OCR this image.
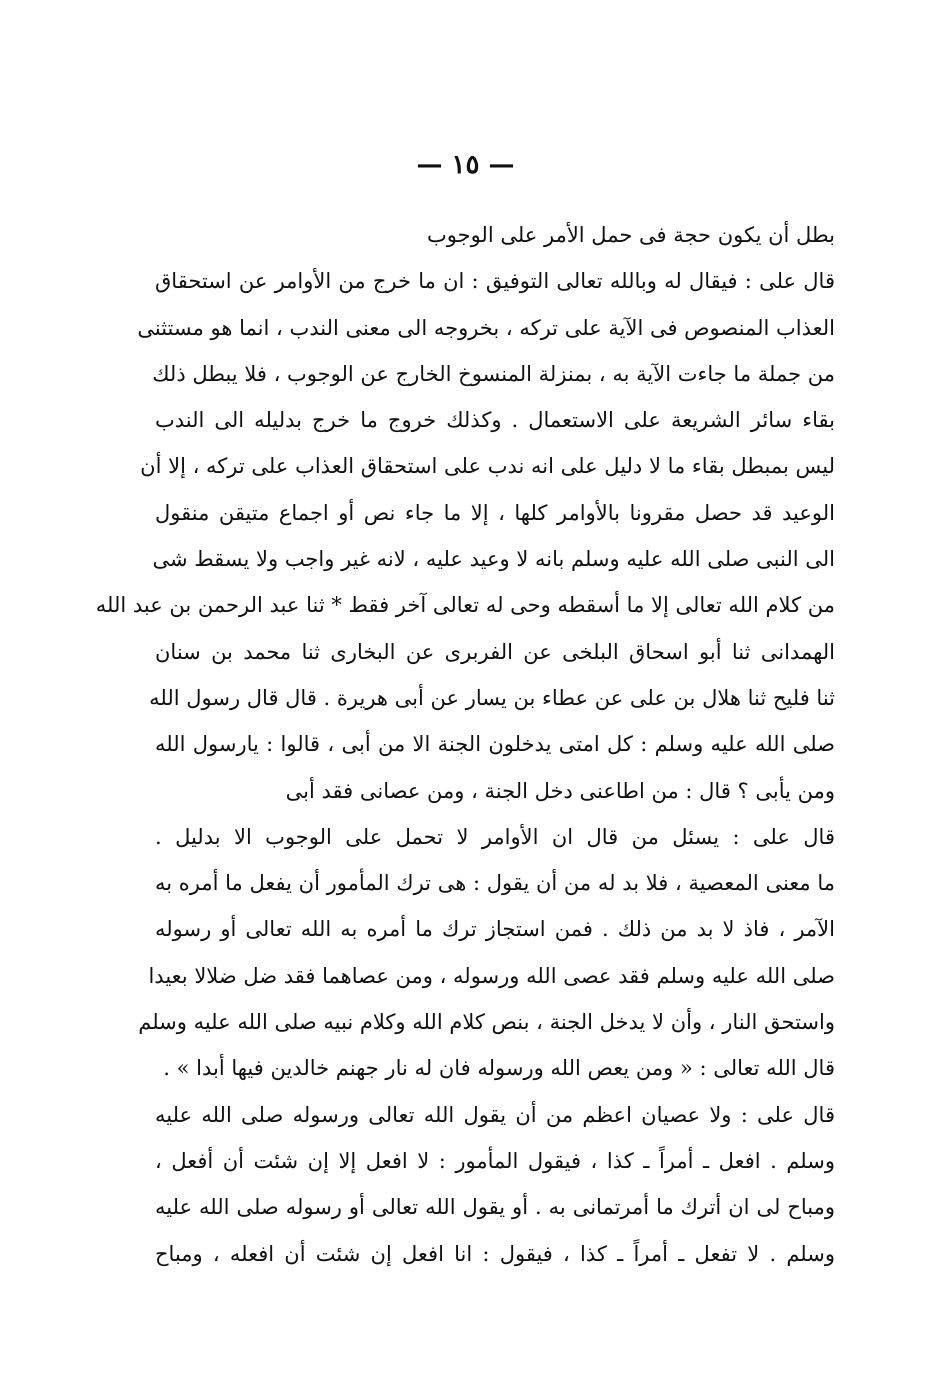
— ١٥ —
بطل أن يكون حجة فى حمل الأمر على الوجوب
قال على : فيقال له وبالله تعالى التوفيق : ان ما خرج من الأوامر عن استحقاق
العذاب المنصوص فى الآية على تركه ، بخروجه الى معنى الندب ، انما هو مستثنى
من جملة ما جاءت الآية به ، بمنزلة المنسوخ الخارج عن الوجوب ، فلا يبطل ذلك
بقاء سائر الشريعة على الاستعمال . وكذلك خروج ما خرج بدليله الى الندب
ليس بمبطل بقاء ما لا دليل على انه ندب على استحقاق العذاب على تركه ، إلا أن
الوعيد قد حصل مقرونا بالأوامر كلها ، إلا ما جاء نص أو اجماع متيقن منقول
الى النبى صلى الله عليه وسلم بانه لا وعيد عليه ، لانه غير واجب ولا يسقط شى
من كلام الله تعالى إلا ما أسقطه وحى له تعالى آخر فقط * ثنا عبد الرحمن بن عبد الله
الهمدانى ثنا أبو اسحاق البلخى عن الفربرى عن البخارى ثنا محمد بن سنان
ثنا فليح ثنا هلال بن على عن عطاء بن يسار عن أبى هريرة . قال قال رسول الله
صلى الله عليه وسلم : كل امتى يدخلون الجنة الا من أبى ، قالوا : يارسول الله
ومن يأبى ؟ قال : من اطاعنى دخل الجنة ، ومن عصانى فقد أبى
قال على : يسئل من قال ان الأوامر لا تحمل على الوجوب الا بدليل .
ما معنى المعصية ، فلا بد له من أن يقول : هى ترك المأمور أن يفعل ما أمره به
الآمر ، فاذ لا بد من ذلك . فمن استجاز ترك ما أمره به الله تعالى أو رسوله
صلى الله عليه وسلم فقد عصى الله ورسوله ، ومن عصاهما فقد ضل ضلالا بعيدا
واستحق النار ، وأن لا يدخل الجنة ، بنص كلام الله وكلام نبيه صلى الله عليه وسلم
قال الله تعالى : « ومن يعص الله ورسوله فان له نار جهنم خالدين فيها أبدا » .
قال على : ولا عصيان اعظم من أن يقول الله تعالى ورسوله صلى الله عليه
وسلم . افعل ـ أمراً ـ كذا ، فيقول المأمور : لا افعل إلا إن شئت أن أفعل ،
ومباح لى ان أترك ما أمرتمانى به . أو يقول الله تعالى أو رسوله صلى الله عليه
وسلم . لا تفعل ـ أمراً ـ كذا ، فيقول : انا افعل إن شئت أن افعله ، ومباح
